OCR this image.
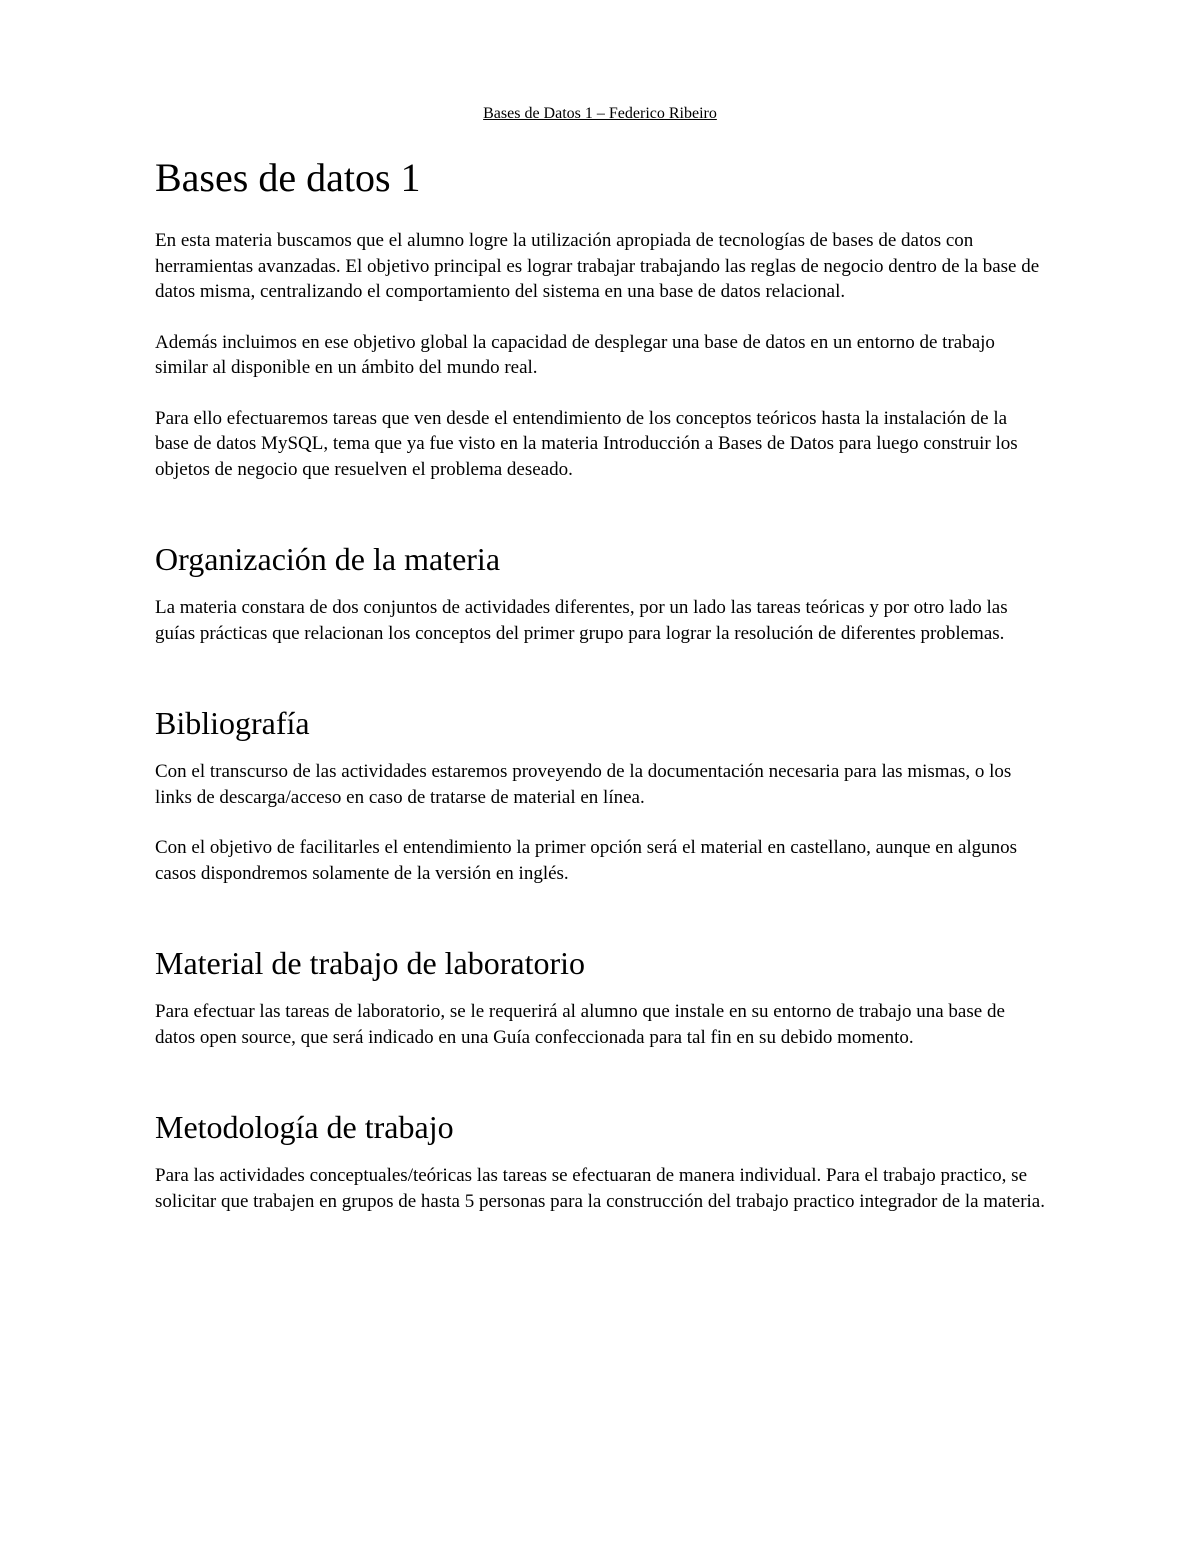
Bases de Datos 1 – Federico Ribeiro
Bases de datos 1

En esta materia buscamos que el alumno logre la utilización apropiada de tecnologías de bases de datos con herramientas avanzadas. El objetivo principal es lograr trabajar trabajando las reglas de negocio dentro de la base de datos misma, centralizando el comportamiento del sistema en una base de datos relacional.

Además incluimos en ese objetivo global la capacidad de desplegar una base de datos en un entorno de trabajo similar al disponible en un ámbito del mundo real.

Para ello efectuaremos tareas que ven desde el entendimiento de los conceptos teóricos hasta la instalación de la base de datos MySQL, tema que ya fue visto en la materia Introducción a Bases de Datos para luego construir los objetos de negocio que resuelven el problema deseado.

Organización de la materia

La materia constara de dos conjuntos de actividades diferentes, por un lado las tareas teóricas y por otro lado las guías prácticas que relacionan los conceptos del primer grupo para lograr la resolución de diferentes problemas.

Bibliografía

Con el transcurso de las actividades estaremos proveyendo de la documentación necesaria para las mismas, o los links de descarga/acceso en caso de tratarse de material en línea.

Con el objetivo de facilitarles el entendimiento la primer opción será el material en castellano, aunque en algunos casos dispondremos solamente de la versión en inglés.

Material de trabajo de laboratorio

Para efectuar las tareas de laboratorio, se le requerirá al alumno que instale en su entorno de trabajo una base de datos open source, que será indicado en una Guía confeccionada para tal fin en su debido momento.

Metodología de trabajo

Para las actividades conceptuales/teóricas las tareas se efectuaran de manera individual. Para el trabajo practico, se solicitar que trabajen en grupos de hasta 5 personas para la construcción del trabajo practico integrador de la materia.
